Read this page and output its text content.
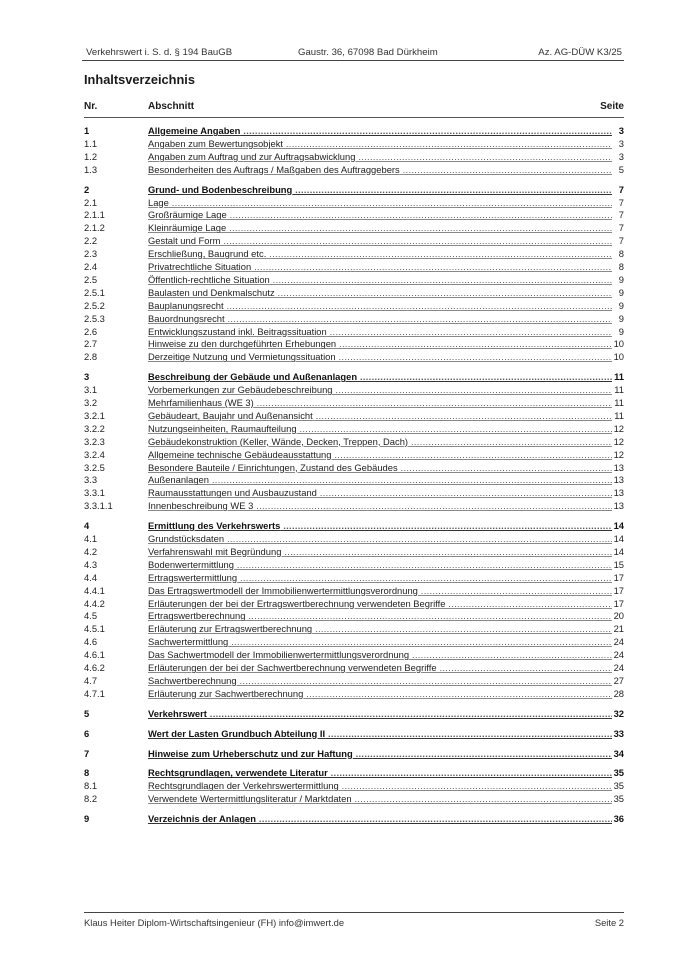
Verkehrswert i. S. d. § 194 BauGB	Gaustr. 36, 67098 Bad Dürkheim	Az. AG-DÜW K3/25
Inhaltsverzeichnis
Nr.	Abschnitt	Seite
1	Allgemeine Angaben .....	3
1.1	Angaben zum Bewertungsobjekt .....	3
1.2	Angaben zum Auftrag und zur Auftragsabwicklung .....	3
1.3	Besonderheiten des Auftrags / Maßgaben des Auftraggebers .....	5
2	Grund- und Bodenbeschreibung .....	7
2.1	Lage .....	7
2.1.1	Großräumige Lage .....	7
2.1.2	Kleinräumige Lage .....	7
2.2	Gestalt und Form .....	7
2.3	Erschließung, Baugrund etc. .....	8
2.4	Privatrechtliche Situation .....	8
2.5	Öffentlich-rechtliche Situation .....	9
2.5.1	Baulasten und Denkmalschutz .....	9
2.5.2	Bauplanungsrecht .....	9
2.5.3	Bauordnungsrecht .....	9
2.6	Entwicklungszustand inkl. Beitragssituation .....	9
2.7	Hinweise zu den durchgeführten Erhebungen .....	10
2.8	Derzeitige Nutzung und Vermietungssituation .....	10
3	Beschreibung der Gebäude und Außenanlagen .....	11
3.1	Vorbemerkungen zur Gebäudebeschreibung .....	11
3.2	Mehrfamilienhaus (WE 3) .....	11
3.2.1	Gebäudeart, Baujahr und Außenansicht .....	11
3.2.2	Nutzungseinheiten, Raumaufteilung .....	12
3.2.3	Gebäudekonstruktion (Keller, Wände, Decken, Treppen, Dach) .....	12
3.2.4	Allgemeine technische Gebäudeausstattung .....	12
3.2.5	Besondere Bauteile / Einrichtungen, Zustand des Gebäudes .....	13
3.3	Außenanlagen .....	13
3.3.1	Raumausstattungen und Ausbauzustand .....	13
3.3.1.1	Innenbeschreibung WE 3 .....	13
4	Ermittlung des Verkehrswerts .....	14
4.1	Grundstücksdaten .....	14
4.2	Verfahrenswahl mit Begründung .....	14
4.3	Bodenwertermittlung .....	15
4.4	Ertragswertermittlung .....	17
4.4.1	Das Ertragswertmodell der Immobilienwertermittlungsverordnung .....	17
4.4.2	Erläuterungen der bei der Ertragswertberechnung verwendeten Begriffe .....	17
4.5	Ertragswertberechnung .....	20
4.5.1	Erläuterung zur Ertragswertberechnung .....	21
4.6	Sachwertermittlung .....	24
4.6.1	Das Sachwertmodell der Immobilienwertermittlungsverordnung .....	24
4.6.2	Erläuterungen der bei der Sachwertberechnung verwendeten Begriffe .....	24
4.7	Sachwertberechnung .....	27
4.7.1	Erläuterung zur Sachwertberechnung .....	28
5	Verkehrswert .....	32
6	Wert der Lasten Grundbuch Abteilung II .....	33
7	Hinweise zum Urheberschutz und zur Haftung .....	34
8	Rechtsgrundlagen, verwendete Literatur .....	35
8.1	Rechtsgrundlagen der Verkehrswertermittlung .....	35
8.2	Verwendete Wertermittlungsliteratur / Marktdaten .....	35
9	Verzeichnis der Anlagen .....	36
Klaus Heiter Diplom-Wirtschaftsingenieur (FH) info@imwert.de	Seite 2
